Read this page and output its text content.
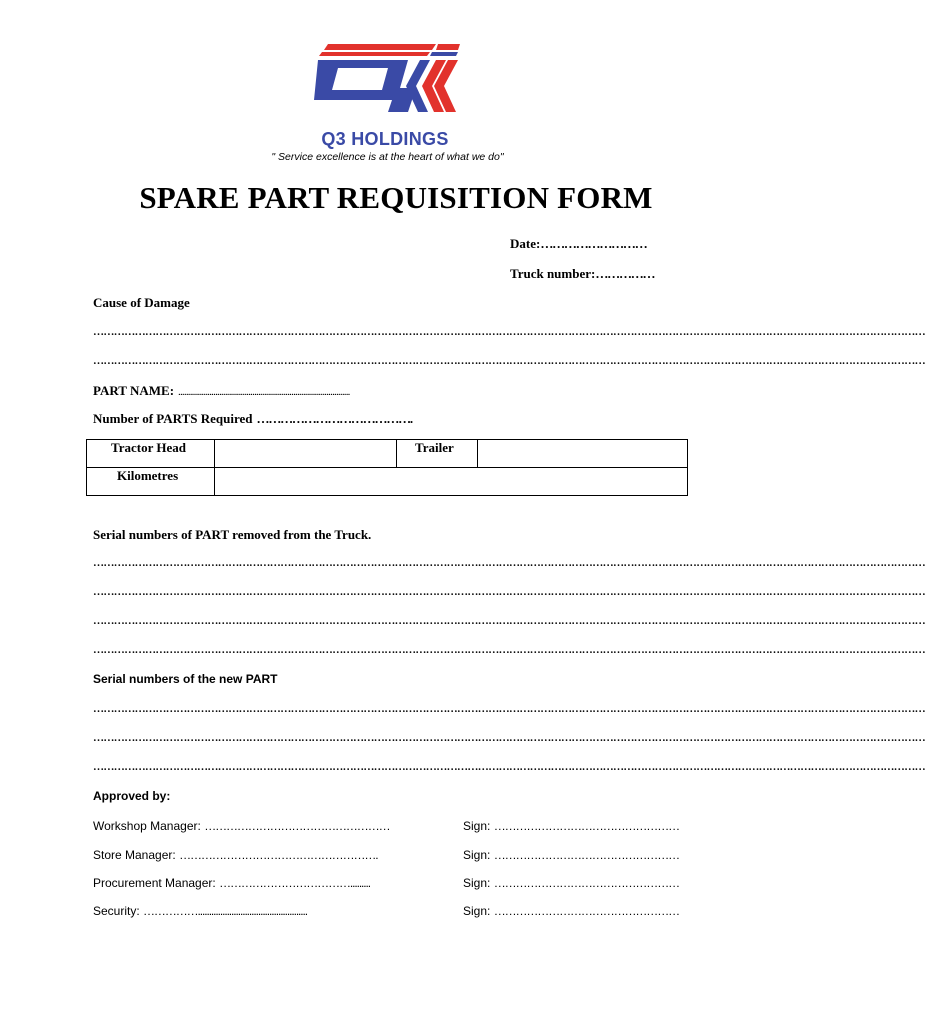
Q3 HOLDINGS
" Service excellence is at the heart of what we do"
SPARE PART REQUISITION FORM
Date:………………………
Truck number:……………
Cause of Damage
……………………………………………………………………………………………………………………………………………………………………………………………………………………
……………………………………………………………………………………………………………………………………………………………………………………………………………………
PART NAME: ........................................................................................
Number of PARTS Required ………………………………….
Tractor Head		Trailer	
Kilometres			
Serial numbers of PART removed from the Truck.
……………………………………………………………………………………………………………………………………………………………………………………………………………………
……………………………………………………………………………………………………………………………………………………………………………………………………………………
……………………………………………………………………………………………………………………………………………………………………………………………………………………
……………………………………………………………………………………………………………………………………………………………………………………………………………………
Serial numbers of the new PART
……………………………………………………………………………………………………………………………………………………………………………………………………………………
……………………………………………………………………………………………………………………………………………………………………………………………………………………
……………………………………………………………………………………………………………………………………………………………………………………………………………………
Approved by:
Workshop Manager: ……………………………………………	Sign: ……………………………………………
Store Manager: ……………………………………………….	Sign: ……………………………………………
Procurement Manager: ……………………………….........	Sign: ……………………………………………
Security: …………….................................................	Sign: ……………………………………………
